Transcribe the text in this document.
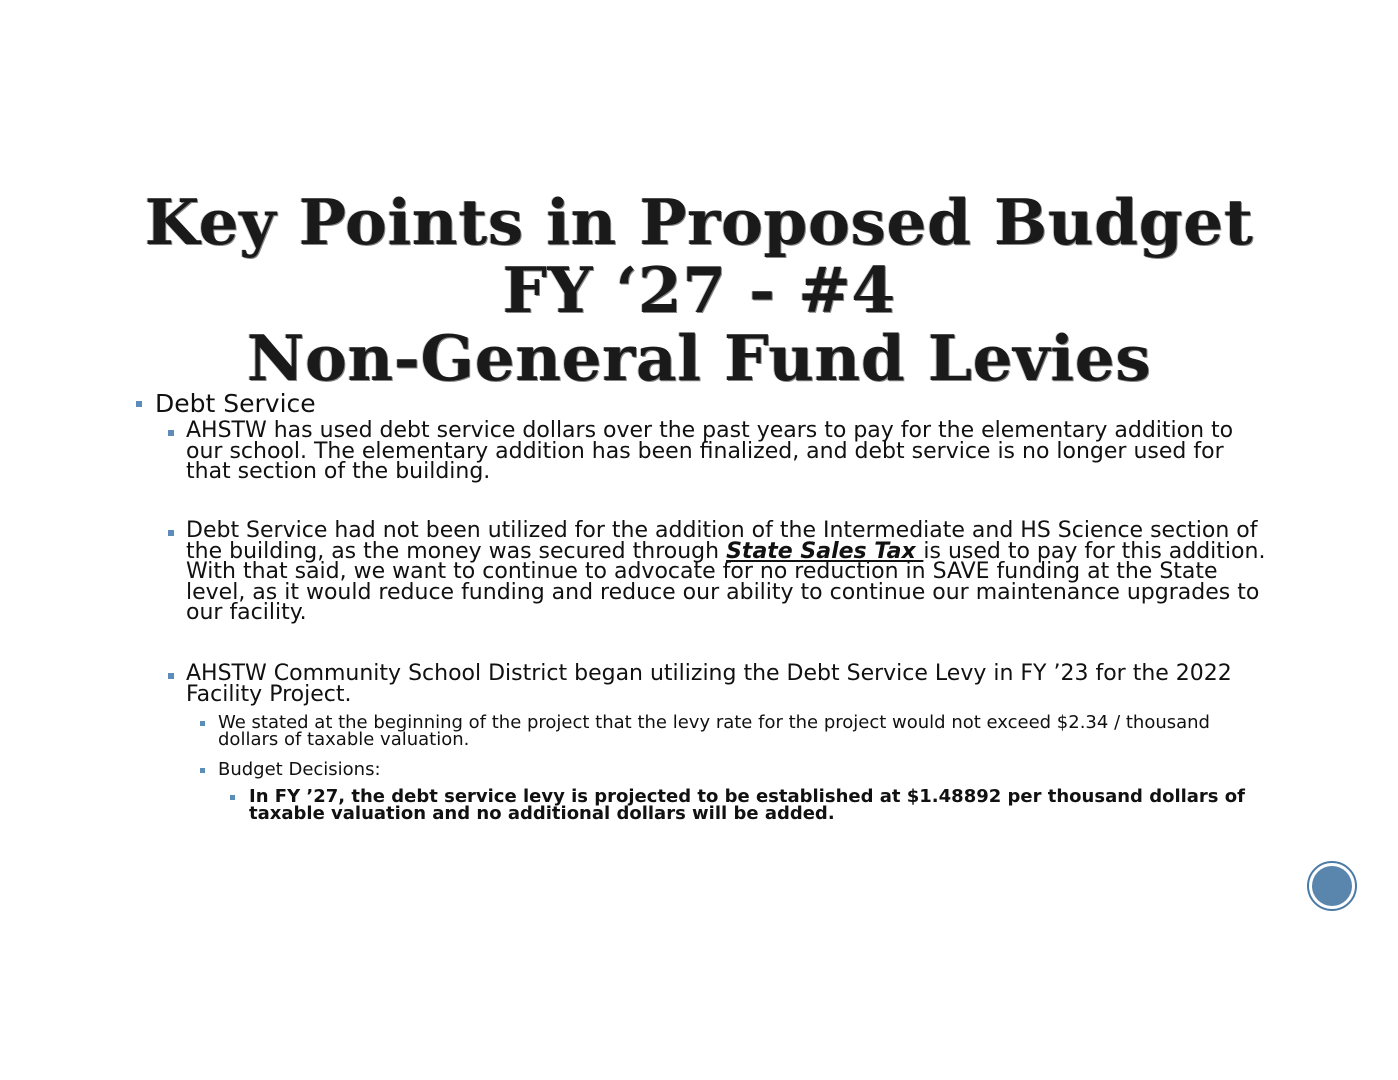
Key Points in Proposed Budget
FY ‘27 - #4
Non-General Fund Levies

Debt Service

AHSTW has used debt service dollars over the past years to pay for the elementary addition to our school. The elementary addition has been finalized, and debt service is no longer used for that section of the building.

Debt Service had not been utilized for the addition of the Intermediate and HS Science section of the building, as the money was secured through State Sales Tax is used to pay for this addition. With that said, we want to continue to advocate for no reduction in SAVE funding at the State level, as it would reduce funding and reduce our ability to continue our maintenance upgrades to our facility.

AHSTW Community School District began utilizing the Debt Service Levy in FY ’23 for the 2022 Facility Project.

We stated at the beginning of the project that the levy rate for the project would not exceed $2.34 / thousand dollars of taxable valuation.

Budget Decisions:

In FY ’27, the debt service levy is projected to be established at $1.48892 per thousand dollars of taxable valuation and no additional dollars will be added.
